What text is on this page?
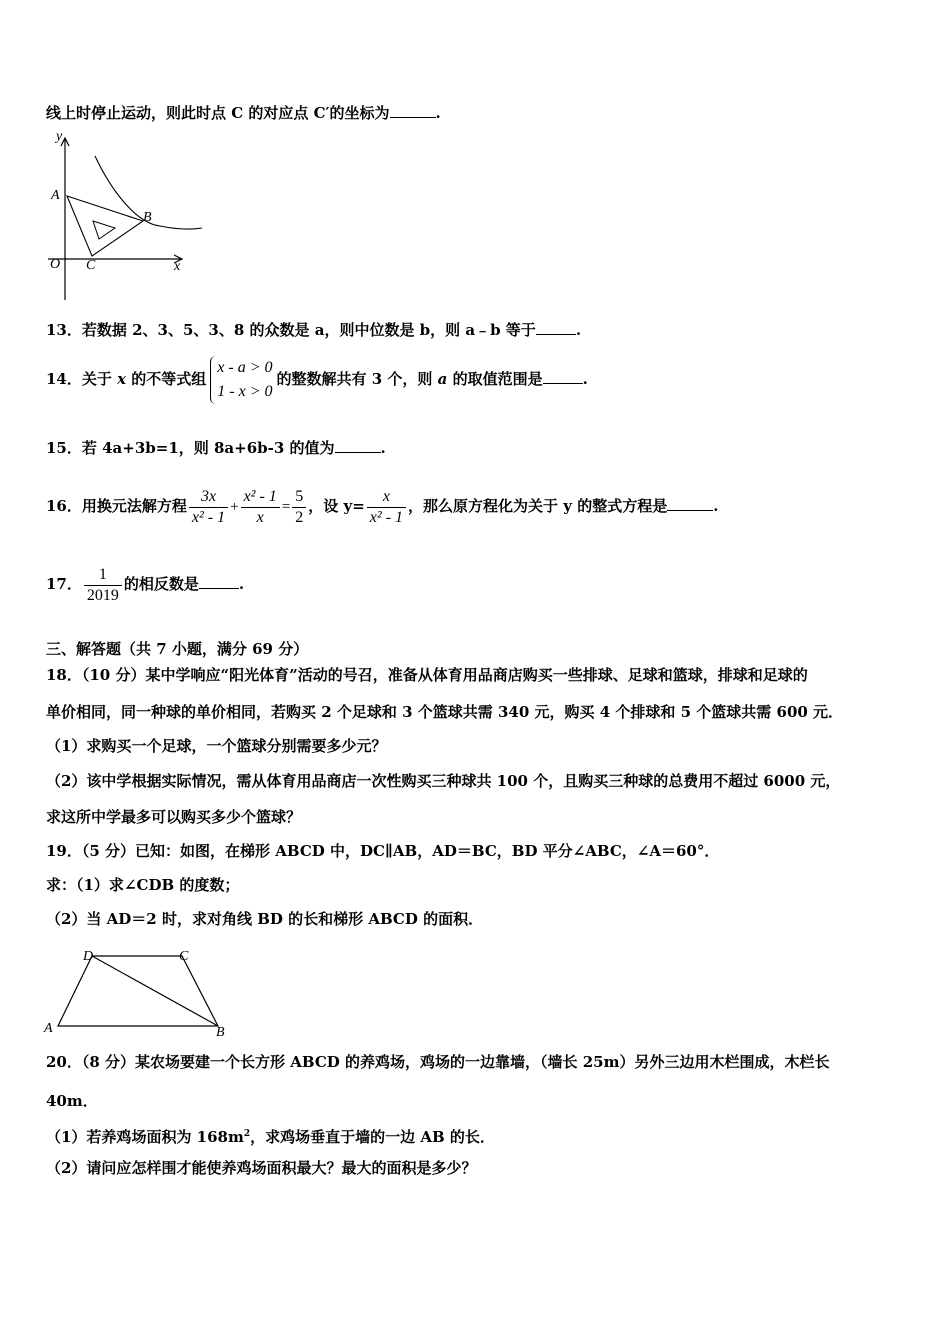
线上时停止运动，则此时点 C 的对应点 C′的坐标为	.
y
A
B
O C	x
13．若数据 2、3、5、3、8 的众数是 a，则中位数是 b，则 a﹣b 等于	.
14．关于 x 的不等式组
x - a > 0
1 - x > 0
的整数解共有 3 个，则 a 的取值范围是	.
15．若 4a+3b=1，则 8a+6b-3 的值为	.
16．用换元法解方程 $\frac{3x}{\text{x² - 1}} + \frac{\text{x² - 1}}{x} = \frac{5}{2}$ ，设 $y= \frac{x}{\text{x² - 1}}$ ，那么原方程化为关于 y 的整式方程是	.
17． $\frac{1}{2019}$ 的相反数是	.
三、解答题（共 7 小题，满分 69 分）
18．（10 分）某中学响应“阳光体育”活动的号召，准备从体育用品商店购买一些排球、足球和篮球，排球和足球的
单价相同，同一种球的单价相同，若购买 2 个足球和 3 个篮球共需 340 元，购买 4 个排球和 5 个篮球共需 600 元．
（1）求购买一个足球，一个篮球分别需要多少元？
（2）该中学根据实际情况，需从体育用品商店一次性购买三种球共 100 个，且购买三种球的总费用不超过 6000 元，
求这所中学最多可以购买多少个篮球？
19．（5 分）已知：如图，在梯形 ABCD 中，DC∥AB，AD＝BC，BD 平分∠ABC，∠A＝60°．
求：（1）求∠CDB 的度数；
（2）当 AD＝2 时，求对角线 BD 的长和梯形 ABCD 的面积．
D	C
A	B
20．（8 分）某农场要建一个长方形 ABCD 的养鸡场，鸡场的一边靠墙，（墙长 25m）另外三边用木栏围成，木栏长
40m．
（1）若养鸡场面积为 $168m^2$，求鸡场垂直于墙的一边 AB 的长．
（2）请问应怎样围才能使养鸡场面积最大？最大的面积是多少？
